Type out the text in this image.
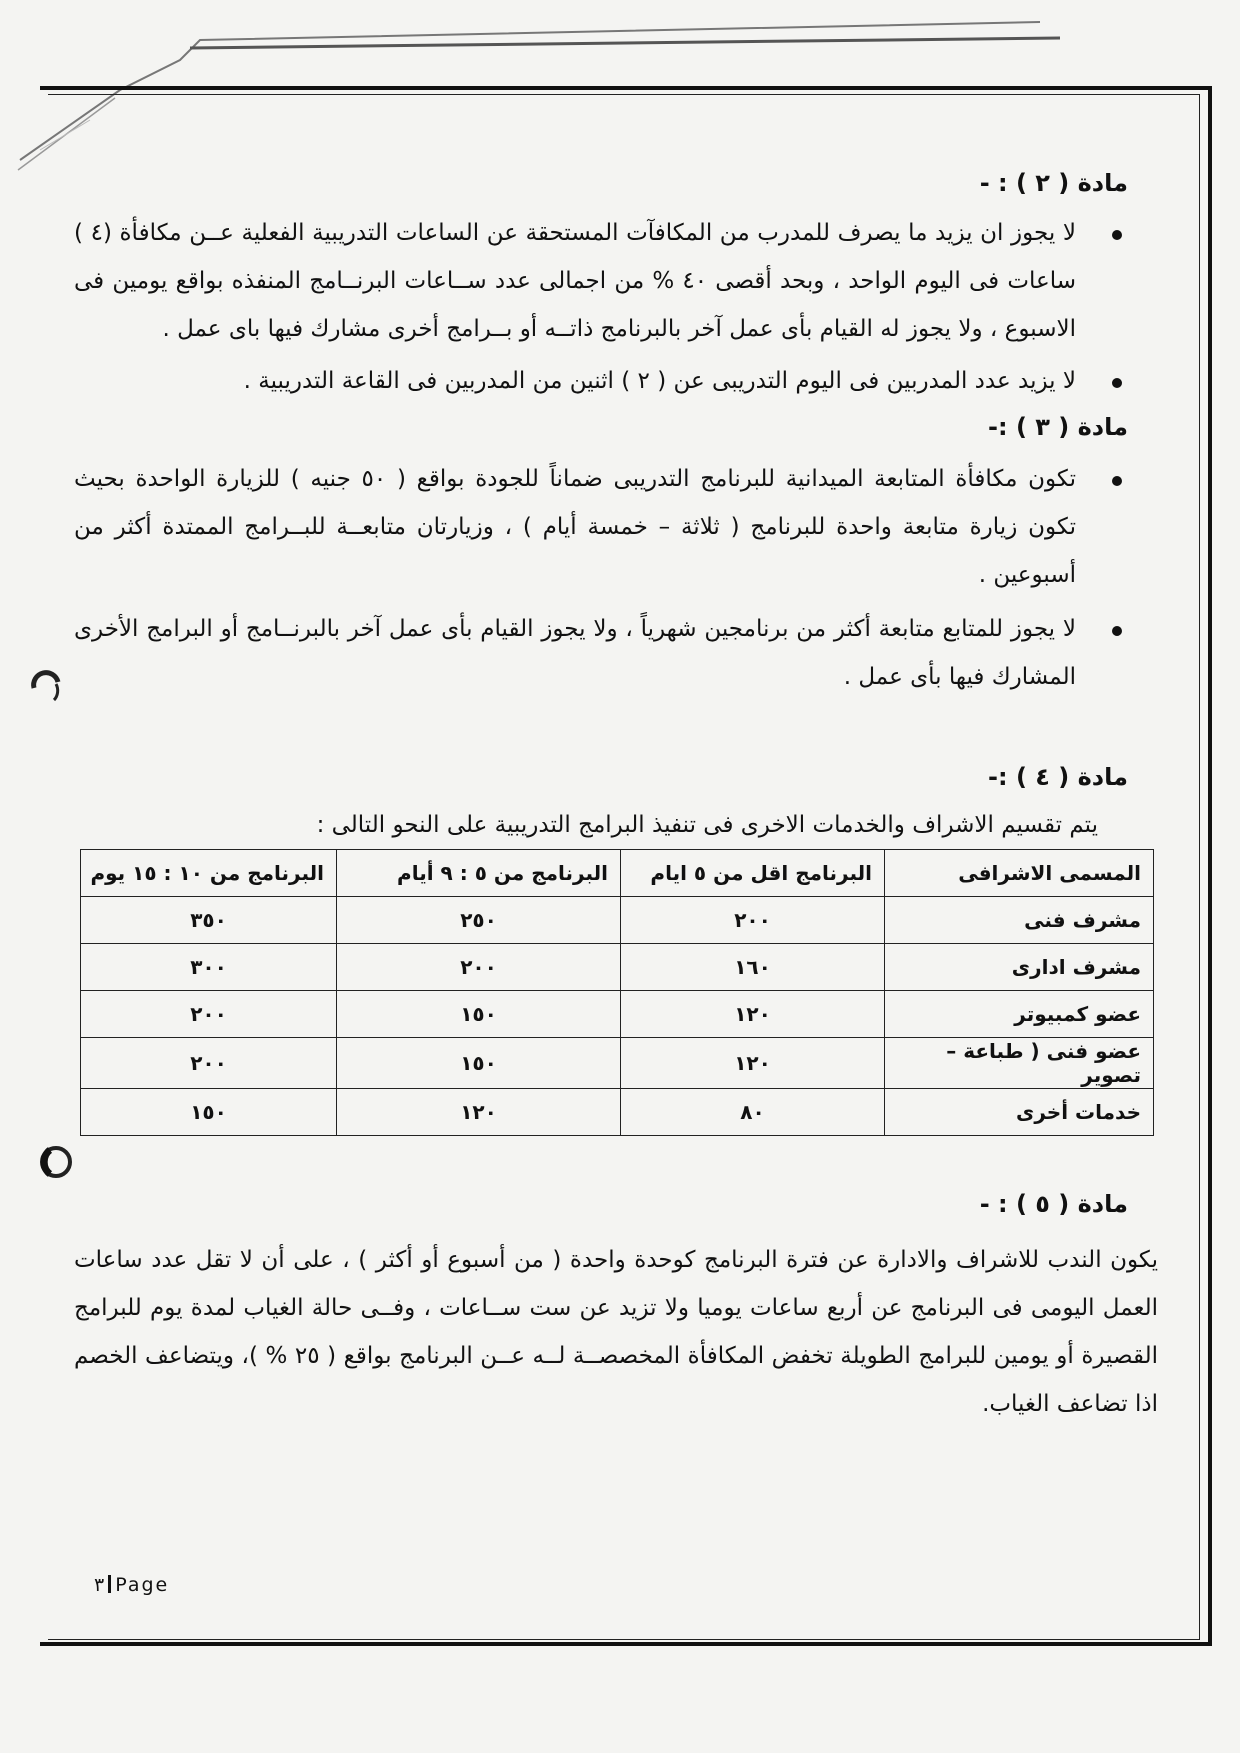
مادة ( ٢ ) : -
لا يجوز ان يزيد ما يصرف للمدرب من المكافآت المستحقة عن الساعات التدريبية الفعلية عــن مكافأة (٤ ) ساعات فى اليوم الواحد ، وبحد أقصى ٤٠ % من اجمالى عدد ســاعات البرنــامج المنفذه بواقع يومين فى الاسبوع ، ولا يجوز له القيام بأى عمل آخر بالبرنامج ذاتــه أو بــرامج أخرى مشارك فيها باى عمل .
لا يزيد عدد المدربين فى اليوم التدريبى عن ( ٢ ) اثنين من المدربين فى القاعة التدريبية .
مادة ( ٣ ) :-
تكون مكافأة المتابعة الميدانية للبرنامج التدريبى ضماناً للجودة بواقع ( ٥٠ جنيه ) للزيارة الواحدة بحيث تكون زيارة متابعة واحدة للبرنامج ( ثلاثة – خمسة أيام ) ، وزيارتان متابعــة للبــرامج الممتدة أكثر من أسبوعين .
لا يجوز للمتابع متابعة أكثر من برنامجين شهرياً ، ولا يجوز القيام بأى عمل آخر بالبرنــامج أو البرامج الأخرى المشارك فيها بأى عمل .
مادة ( ٤ ) :-

يتم تقسيم الاشراف والخدمات الاخرى فى تنفيذ البرامج التدريبية على النحو التالى :

المسمى الاشرافى	البرنامج اقل من ٥ ايام	البرنامج من ٥ : ٩ أيام	البرنامج من ١٠ : ١٥ يوم
مشرف فنى	٢٠٠	٢٥٠	٣٥٠
مشرف ادارى	١٦٠	٢٠٠	٣٠٠
عضو كمبيوتر	١٢٠	١٥٠	٢٠٠
عضو فنى ( طباعة – تصوير	١٢٠	١٥٠	٢٠٠
خدمات أخرى	٨٠	١٢٠	١٥٠
مادة ( ٥ ) : -

يكون الندب للاشراف والادارة عن فترة البرنامج كوحدة واحدة ( من أسبوع أو أكثر ) ، على أن لا تقل عدد ساعات العمل اليومى فى البرنامج عن أربع ساعات يوميا ولا تزيد عن ست ســاعات ، وفــى حالة الغياب لمدة يوم للبرامج القصيرة أو يومين للبرامج الطويلة تخفض المكافأة المخصصــة لــه عــن البرنامج بواقع ( ٢٥ % )، ويتضاعف الخصم اذا تضاعف الغياب.

٣ Page
